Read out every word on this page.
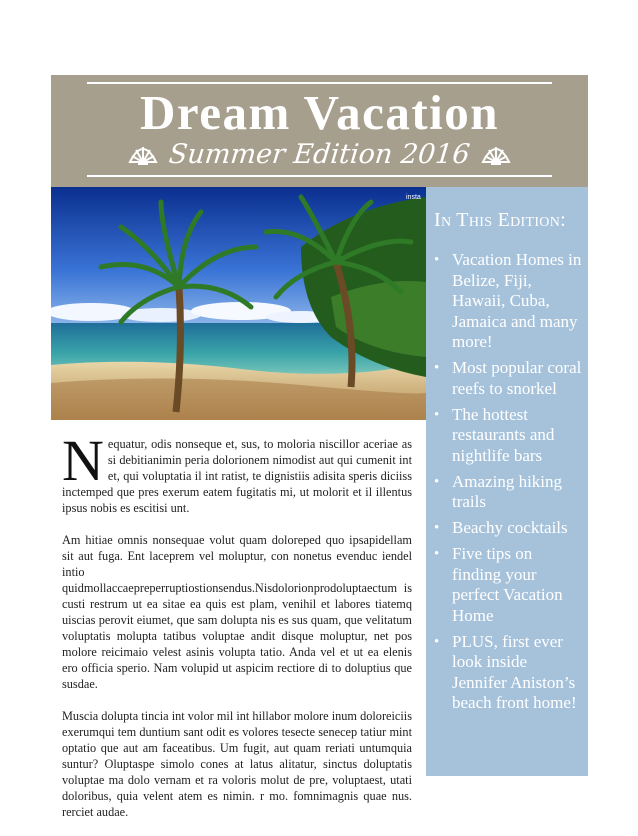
Dream Vacation
Summer Edition 2016
insta
In This Edition:
• Vacation Homes in Belize, Fiji, Hawaii, Cuba, Jamaica and many more!
• Most popular coral reefs to snorkel
• The hottest restaurants and nightlife bars
• Amazing hiking trails
• Beachy cocktails
• Five tips on finding your perfect Vacation Home
• PLUS, first ever look inside Jennifer Aniston’s beach front home!

Nequatur, odis nonseque et, sus, to moloria niscillor aceriae as si debitianimin peria dolorionem nimodist aut qui cumenit int et, qui voluptatia il int ratist, te dignistiis adisita speris diciiss inctemped que pres exerum eatem fugitatis mi, ut molorit et il illentus ipsus nobis es escitisi unt.

Am hitiae omnis nonsequae volut quam doloreped quo ipsapidellam sit aut fuga. Ent laceprem vel moluptur, con nonetus evenduc iendel intio quidmollaccaepreperruptiostionsendus.Nisdolorionprodoluptaectum is custi restrum ut ea sitae ea quis est plam, venihil et labores tiatemq uiscias perovit eiumet, que sam dolupta nis es sus quam, que velitatum voluptatis molupta tatibus voluptae andit disque moluptur, net pos molore reicimaio velest asinis volupta tatio. Anda vel et ut ea elenis ero officia sperio. Nam volupid ut aspicim rectiore di to doluptius que susdae.

Muscia dolupta tincia int volor mil int hillabor molore inum doloreiciis exerumqui tem duntium sant odit es volores tesecte senecep tatiur mint optatio que aut am faceatibus. Um fugit, aut quam reriati untumquia suntur? Oluptaspe simolo cones at latus alitatur, sinctus doluptatis voluptae ma dolo vernam et ra voloris molut de pre, voluptaest, utati doloribus, quia velent atem es nimin. r mo. fomnimagnis quae nus. rerciet audae.
